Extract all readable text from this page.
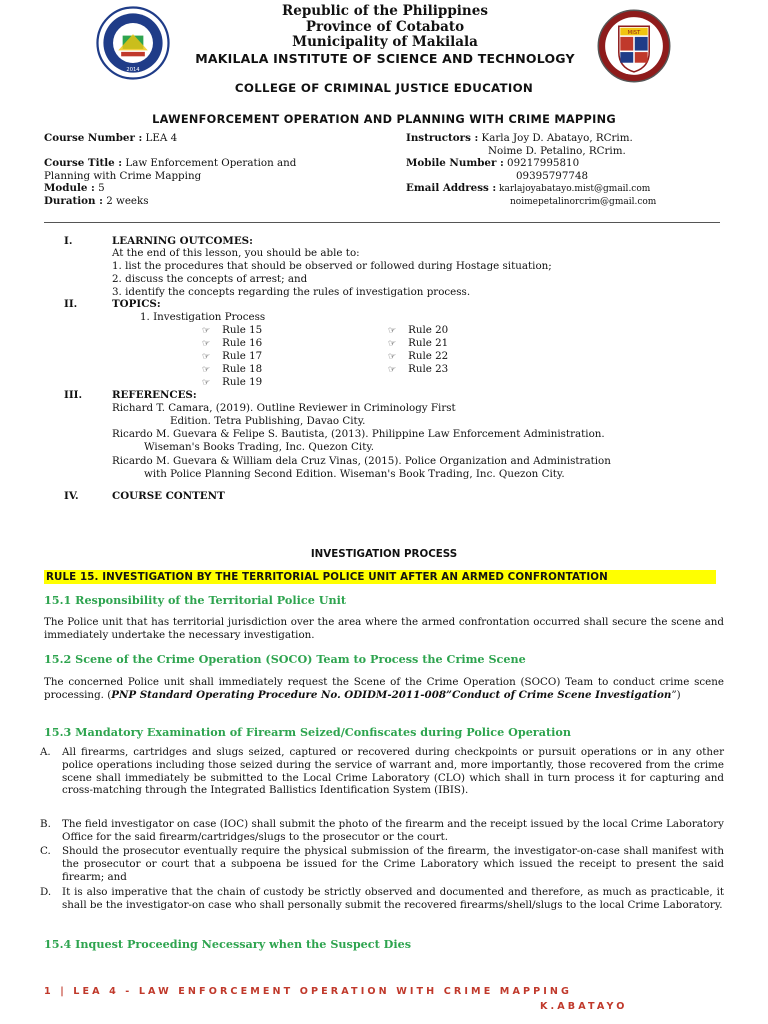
2014
MIST
Republic of the Philippines
Province of Cotabato
Municipality of Makilala
MAKILALA INSTITUTE OF SCIENCE AND TECHNOLOGY
COLLEGE OF CRIMINAL JUSTICE EDUCATION
LAWENFORCEMENT OPERATION AND PLANNING WITH CRIME MAPPING
Course Number : LEA 4
Course Title : Law Enforcement Operation and
Planning with Crime Mapping
Module : 5
Duration : 2 weeks
Instructors : Karla Joy D. Abatayo, RCrim.
Noime D. Petalino, RCrim.
Mobile Number : 09217995810
09395797748
Email Address : karlajoyabatayo.mist@gmail.com
noimepetalinorcrim@gmail.com
I.	LEARNING OUTCOMES:
At the end of this lesson, you should be able to:
1. list the procedures that should be observed or followed during Hostage situation;
2. discuss the concepts of arrest; and
3. identify the concepts regarding the rules of investigation process.
II.	TOPICS:
1. Investigation Process
☞ Rule 15
☞ Rule 16
☞ Rule 17
☞ Rule 18
☞ Rule 19
☞ Rule 20
☞ Rule 21
☞ Rule 22
☞ Rule 23
III.	REFERENCES:
Richard T. Camara, (2019). Outline Reviewer in Criminology First
Edition. Tetra Publishing, Davao City.
Ricardo M. Guevara & Felipe S. Bautista, (2013). Philippine Law Enforcement Administration.
Wiseman's Books Trading, Inc. Quezon City.
Ricardo M. Guevara & William dela Cruz Vinas, (2015). Police Organization and Administration
with Police Planning Second Edition. Wiseman's Book Trading, Inc. Quezon City.
IV.	COURSE CONTENT
INVESTIGATION PROCESS
RULE 15. INVESTIGATION BY THE TERRITORIAL POLICE UNIT AFTER AN ARMED CONFRONTATION
15.1 Responsibility of the Territorial Police Unit
The Police unit that has territorial jurisdiction over the area where the armed confrontation occurred shall secure the scene and immediately undertake the necessary investigation.
15.2 Scene of the Crime Operation (SOCO) Team to Process the Crime Scene
The concerned Police unit shall immediately request the Scene of the Crime Operation (SOCO) Team to conduct crime scene processing. (PNP Standard Operating Procedure No. ODIDM-2011-008”Conduct of Crime Scene Investigation”)
15.3 Mandatory Examination of Firearm Seized/Confiscates during Police Operation
A. All firearms, cartridges and slugs seized, captured or recovered during checkpoints or pursuit operations or in any other police operations including those seized during the service of warrant and, more importantly, those recovered from the crime scene shall immediately be submitted to the Local Crime Laboratory (CLO) which shall in turn process it for capturing and cross-matching through the Integrated Ballistics Identification System (IBIS).
B. The field investigator on case (IOC) shall submit the photo of the firearm and the receipt issued by the local Crime Laboratory Office for the said firearm/cartridges/slugs to the prosecutor or the court.
C. Should the prosecutor eventually require the physical submission of the firearm, the investigator-on-case shall manifest with the prosecutor or court that a subpoena be issued for the Crime Laboratory which issued the receipt to present the said firearm; and
D. It is also imperative that the chain of custody be strictly observed and documented and therefore, as much as practicable, it shall be the investigator-on case who shall personally submit the recovered firearms/shell/slugs to the local Crime Laboratory.
15.4 Inquest Proceeding Necessary when the Suspect Dies
1 | LEA 4 - LAW ENFORCEMENT OPERATION WITH CRIME MAPPING
K.ABATAYO
